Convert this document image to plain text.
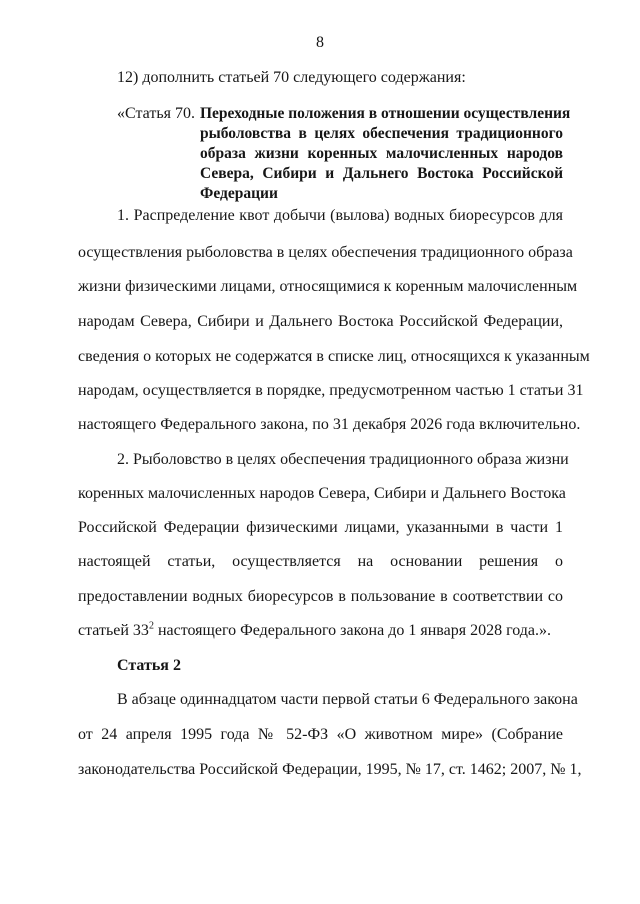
8
12) дополнить статьей 70 следующего содержания:
«Статья 70. Переходные положения в отношении осуществления
рыболовства в целях обеспечения традиционного
образа жизни коренных малочисленных народов
Севера, Сибири и Дальнего Востока Российской
Федерации
1. Распределение квот добычи (вылова) водных биоресурсов для
осуществления рыболовства в целях обеспечения традиционного образа
жизни физическими лицами, относящимися к коренным малочисленным
народам Севера, Сибири и Дальнего Востока Российской Федерации,
сведения о которых не содержатся в списке лиц, относящихся к указанным
народам, осуществляется в порядке, предусмотренном частью 1 статьи 31
настоящего Федерального закона, по 31 декабря 2026 года включительно.
2. Рыболовство в целях обеспечения традиционного образа жизни
коренных малочисленных народов Севера, Сибири и Дальнего Востока
Российской Федерации физическими лицами, указанными в части 1
настоящей статьи, осуществляется на основании решения о
предоставлении водных биоресурсов в пользование в соответствии со
статьей $33^2$ настоящего Федерального закона до 1 января 2028 года.».
Статья 2
В абзаце одиннадцатом части первой статьи 6 Федерального закона
от 24 апреля 1995 года № 52-ФЗ «О животном мире» (Собрание
законодательства Российской Федерации, 1995, № 17, ст. 1462; 2007, № 1,
